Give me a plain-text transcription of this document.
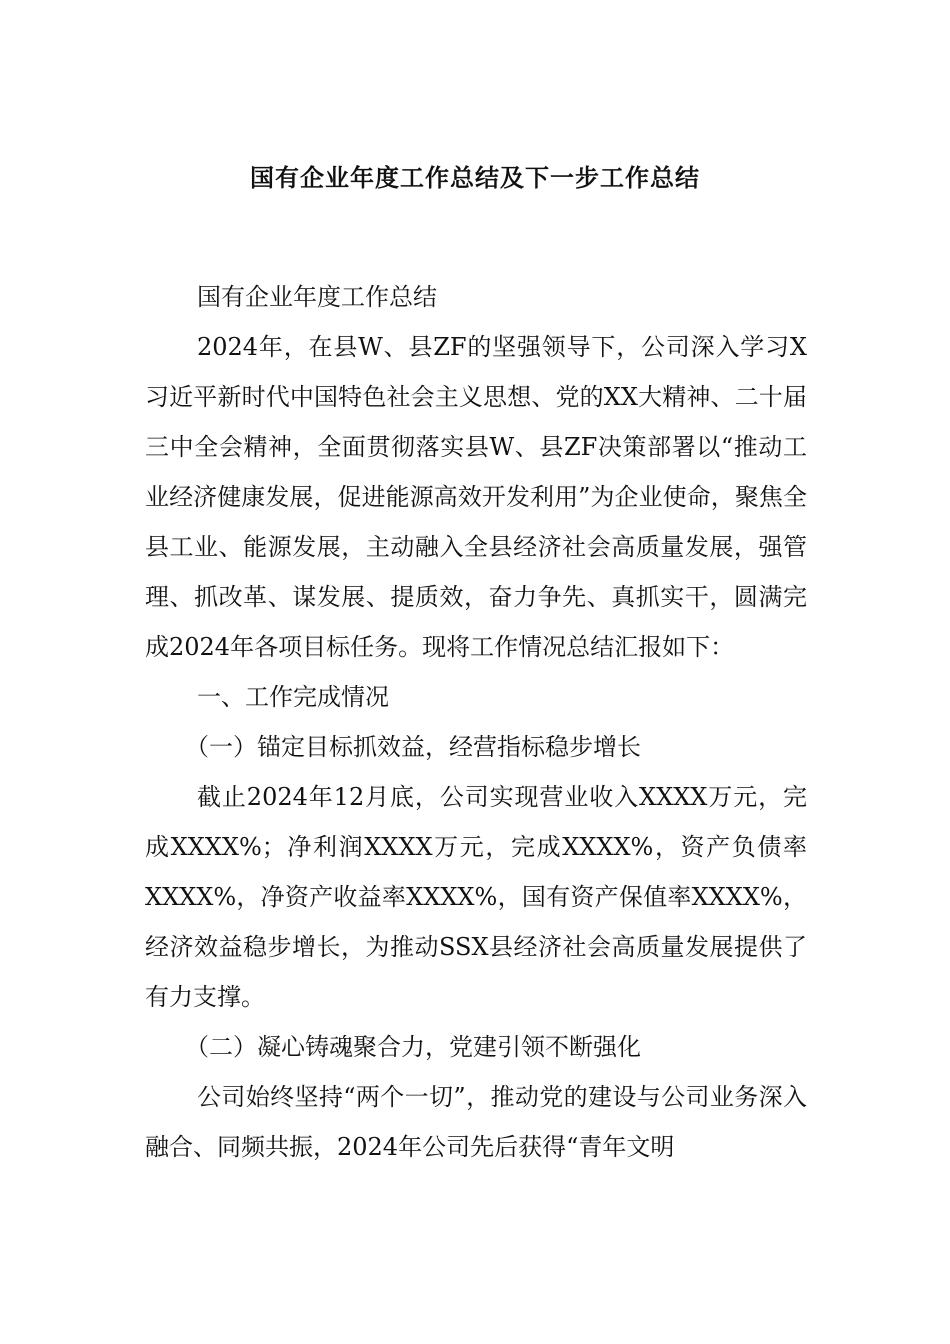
国有企业年度工作总结及下一步工作总结

国有企业年度工作总结

2024年，在县W、县ZF的坚强领导下，公司深入学习X习近平新时代中国特色社会主义思想、党的XX大精神、二十届三中全会精神，全面贯彻落实县W、县ZF决策部署以“推动工业经济健康发展，促进能源高效开发利用”为企业使命，聚焦全县工业、能源发展，主动融入全县经济社会高质量发展，强管理、抓改革、谋发展、提质效，奋力争先、真抓实干，圆满完成2024年各项目标任务。现将工作情况总结汇报如下：

一、工作完成情况

（一）锚定目标抓效益，经营指标稳步增长

截止2024年12月底，公司实现营业收入XXXX万元，完成XXXX%；净利润XXXX万元，完成XXXX%，资产负债率XXXX%，净资产收益率XXXX%，国有资产保值率XXXX%，经济效益稳步增长，为推动SSX县经济社会高质量发展提供了有力支撑。

（二）凝心铸魂聚合力，党建引领不断强化

公司始终坚持“两个一切”，推动党的建设与公司业务深入融合、同频共振，2024年公司先后获得“青年文明
